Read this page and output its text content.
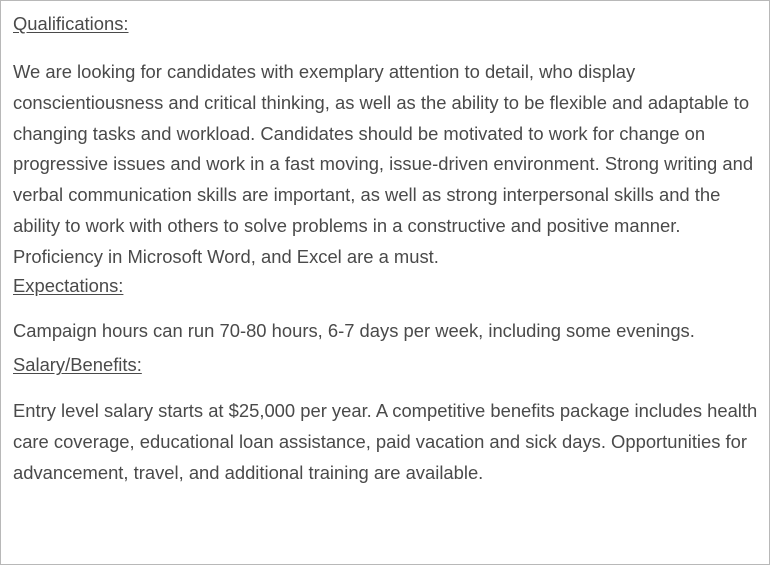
Qualifications:

We are looking for candidates with exemplary attention to detail, who display conscientiousness and critical thinking, as well as the ability to be flexible and adaptable to changing tasks and workload. Candidates should be motivated to work for change on progressive issues and work in a fast moving, issue-driven environment. Strong writing and verbal communication skills are important, as well as strong interpersonal skills and the ability to work with others to solve problems in a constructive and positive manner. Proficiency in Microsoft Word, and Excel are a must.

Expectations:

Campaign hours can run 70-80 hours, 6-7 days per week, including some evenings.

Salary/Benefits:

Entry level salary starts at $25,000 per year. A competitive benefits package includes health care coverage, educational loan assistance, paid vacation and sick days. Opportunities for advancement, travel, and additional training are available.
